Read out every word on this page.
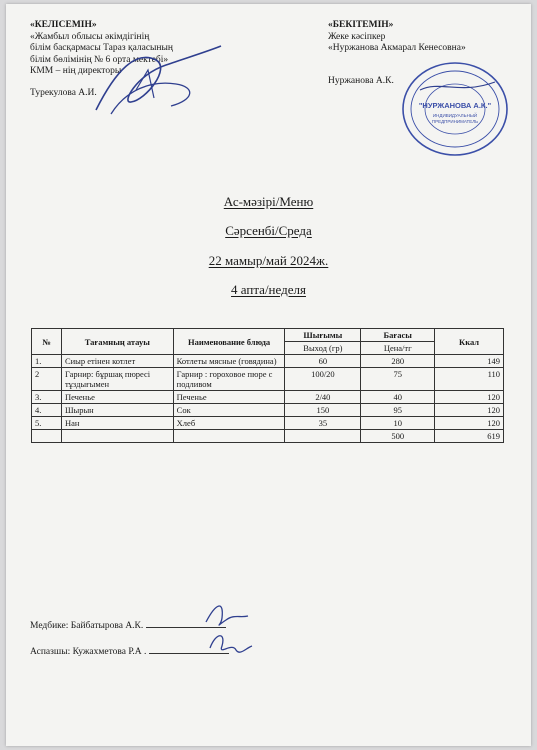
«КЕЛІСЕМІН»
«Жамбыл облысы әкімдігінің
білім басқармасы Тараз қаласының
білім бөлімінің № 6 орта мектебі»
КММ – нің директоры
Турекулова А.И.
«БЕКІТЕМІН»
Жеке кәсіпкер
«Нуржанова Акмарал Кенесовна»
Нуржанова А.К.
"НУРЖАНОВА А.К."
ИНДИВИДУАЛЬНЫЙ
ПРЕДПРИНИМАТЕЛЬ
Ас-мәзірі/Меню
Сәрсенбі/Среда
22 мамыр/май 2024ж.
4 апта/неделя
№	Тағамның атауы	Наименование блюда	Шығымы	Бағасы	Ккал
			Выход (гр)	Цена/тг	
1.	Сиыр етінен котлет	Котлеты мясные (говядина)	60	280	149
2	Гарнир: бұршақ пюресі тұздығымен	Гарнир : гороховое пюре с подливом	100/20	75	110
3.	Печенье	Печенье	2/40	40	120
4.	Шырын	Сок	150	95	120
5.	Нан	Хлеб	35	10	120
				500	619
Медбике: Байбатырова А.К.
Аспазшы: Кужахметова Р.А .
